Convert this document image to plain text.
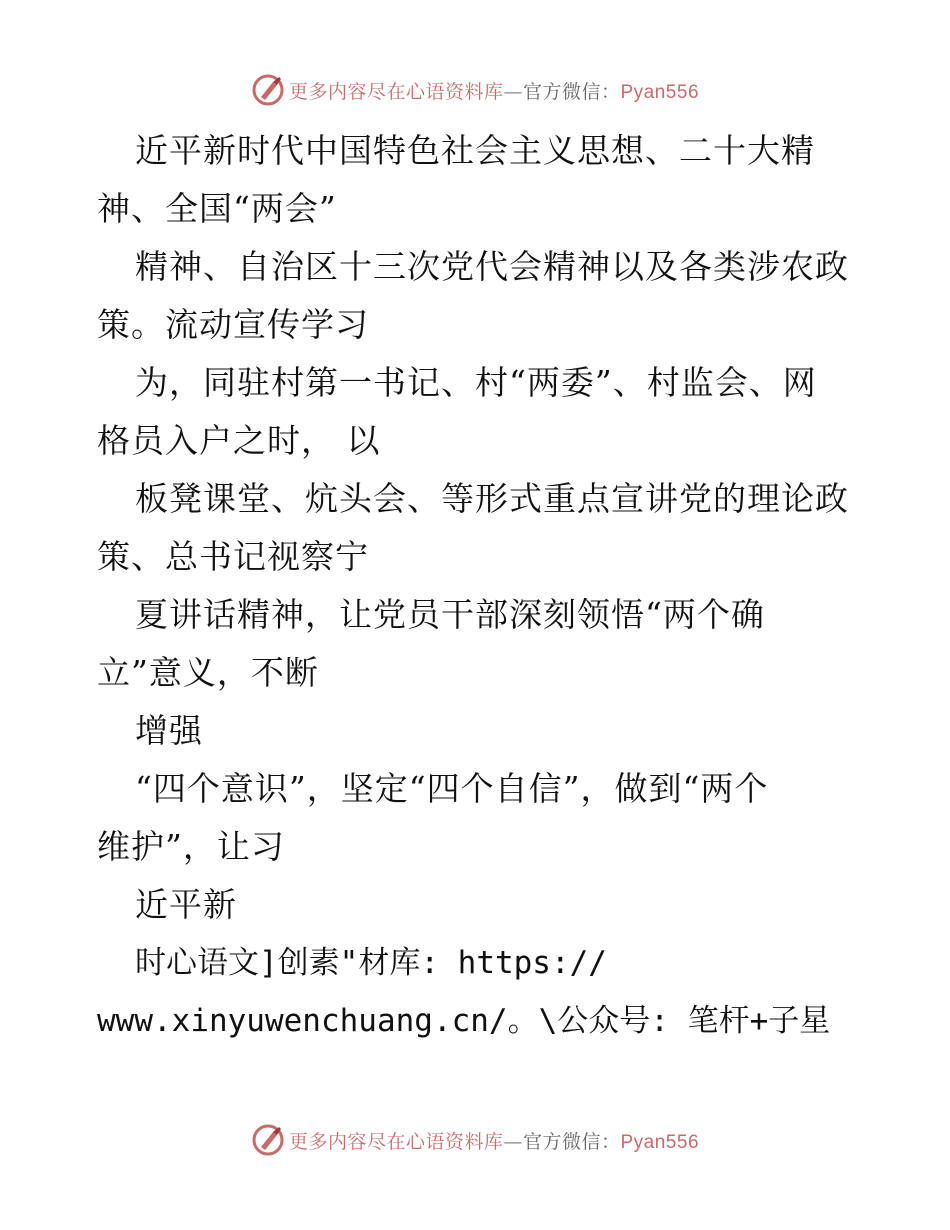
更多内容尽在心语资料库—官方微信：Pyan556
近平新时代中国特色社会主义思想、二十大精
神、全国“两会”
精神、自治区十三次党代会精神以及各类涉农政
策。流动宣传学习
为，同驻村第一书记、村“两委”、村监会、网
格员入户之时， 以
板凳课堂、炕头会、等形式重点宣讲党的理论政
策、总书记视察宁
夏讲话精神，让党员干部深刻领悟“两个确
立”意义，不断
增强
“四个意识”，坚定“四个自信”，做到“两个
维护”，让习
近平新
时心语文]创素"材库: https://
www.xinyuwenchuang.cn/。\公众号: 笔杆+子星
更多内容尽在心语资料库—官方微信：Pyan556
